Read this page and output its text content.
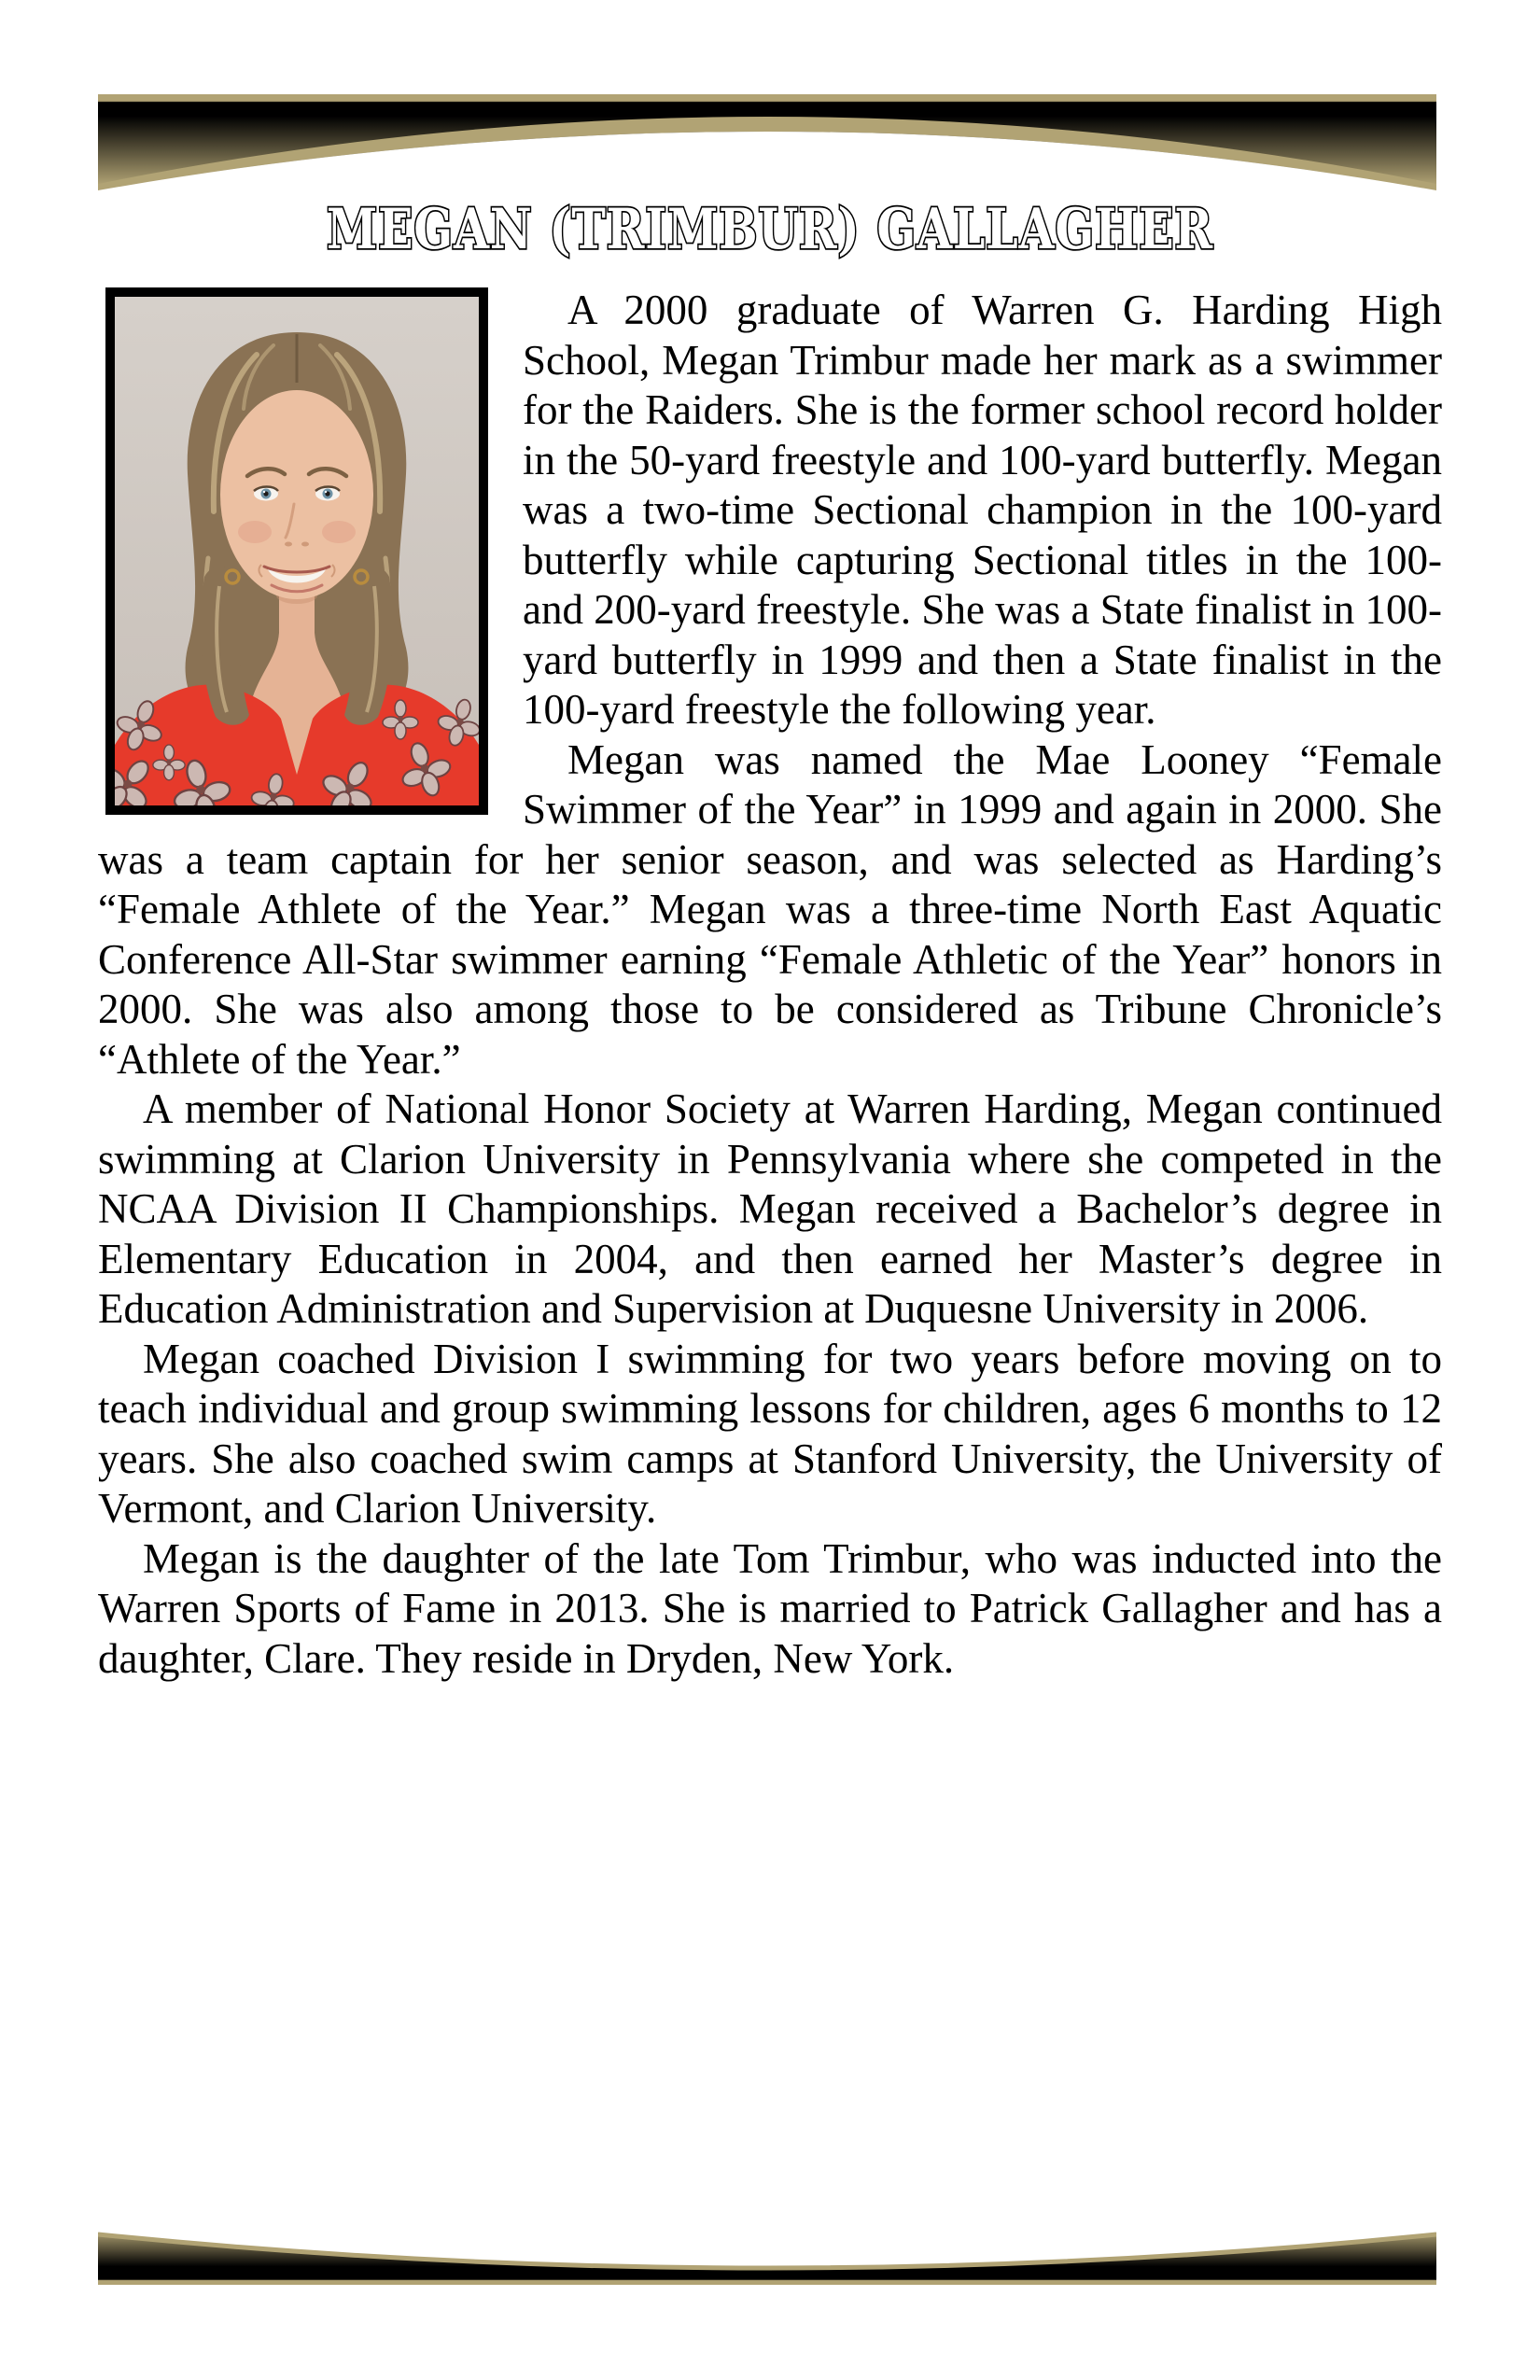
MEGAN (TRIMBUR) GALLAGHER

A 2000 graduate of Warren G. Harding High School, Megan Trimbur made her mark as a swimmer for the Raiders. She is the former school record holder in the 50-yard freestyle and 100-yard butterfly. Megan was a two-time Sectional champion in the 100-yard butterfly while capturing Sectional titles in the 100- and 200-yard freestyle. She was a State finalist in 100-yard butterfly in 1999 and then a State finalist in the 100-yard freestyle the following year.

Megan was named the Mae Looney “Female Swimmer of the Year” in 1999 and again in 2000. She was a team captain for her senior season, and was selected as Harding’s “Female Athlete of the Year.” Megan was a three-time North East Aquatic Conference All-Star swimmer earning “Female Athletic of the Year” honors in 2000. She was also among those to be considered as Tribune Chronicle’s “Athlete of the Year.”

A member of National Honor Society at Warren Harding, Megan continued swimming at Clarion University in Pennsylvania where she competed in the NCAA Division II Championships. Megan received a Bachelor’s degree in Elementary Education in 2004, and then earned her Master’s degree in Education Administration and Supervision at Duquesne University in 2006.

Megan coached Division I swimming for two years before moving on to teach individual and group swimming lessons for children, ages 6 months to 12 years. She also coached swim camps at Stanford University, the University of Vermont, and Clarion University.

Megan is the daughter of the late Tom Trimbur, who was inducted into the Warren Sports of Fame in 2013. She is married to Patrick Gallagher and has a daughter, Clare. They reside in Dryden, New York.
